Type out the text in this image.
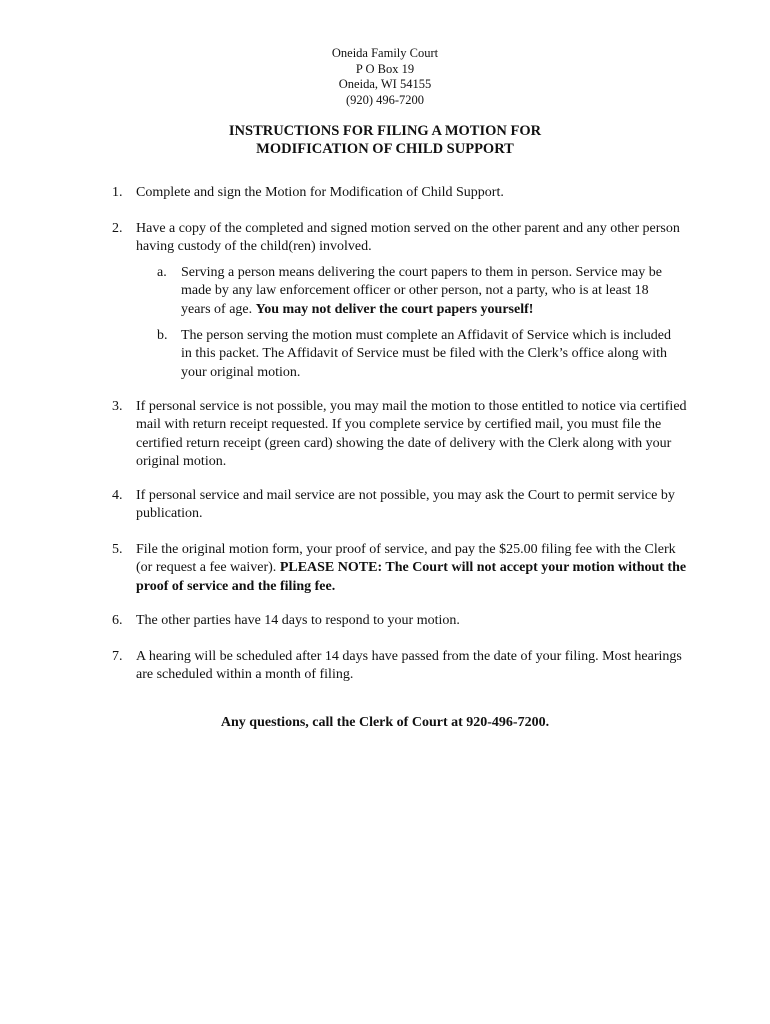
Oneida Family Court
P O Box 19
Oneida, WI 54155
(920) 496-7200
INSTRUCTIONS FOR FILING A MOTION FOR
MODIFICATION OF CHILD SUPPORT
1. Complete and sign the Motion for Modification of Child Support.
2. Have a copy of the completed and signed motion served on the other parent and any other person having custody of the child(ren) involved.
a.	Serving a person means delivering the court papers to them in person. Service may be made by any law enforcement officer or other person, not a party, who is at least 18 years of age. You may not deliver the court papers yourself!
b. The person serving the motion must complete an Affidavit of Service which is included in this packet. The Affidavit of Service must be filed with the Clerk’s office along with your original motion.
3. If personal service is not possible, you may mail the motion to those entitled to notice via certified mail with return receipt requested. If you complete service by certified mail, you must file the certified return receipt (green card) showing the date of delivery with the Clerk along with your original motion.
4. If personal service and mail service are not possible, you may ask the Court to permit service by publication.
5. File the original motion form, your proof of service, and pay the $25.00 filing fee with the Clerk (or request a fee waiver). PLEASE NOTE: The Court will not accept your motion without the proof of service and the filing fee.
6. The other parties have 14 days to respond to your motion.
7. A hearing will be scheduled after 14 days have passed from the date of your filing. Most hearings are scheduled within a month of filing.
Any questions, call the Clerk of Court at 920-496-7200.
